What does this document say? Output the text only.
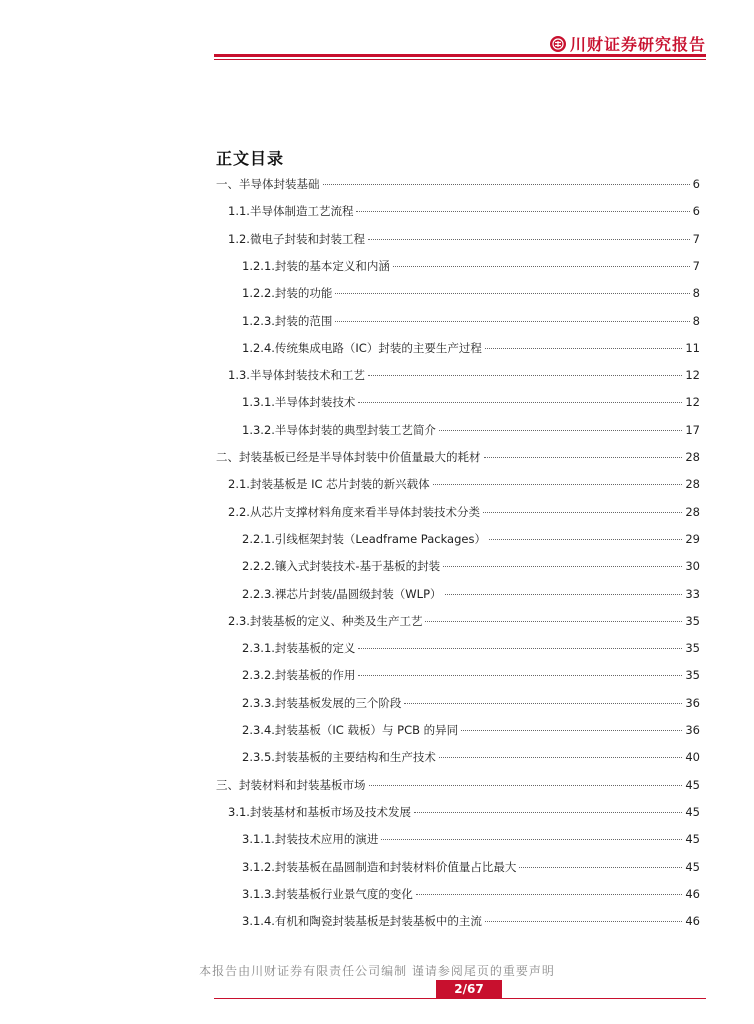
川财证券研究报告
正文目录
一、半导体封装基础	6
1.1.半导体制造工艺流程	6
1.2.微电子封装和封装工程	7
1.2.1.封装的基本定义和内涵	7
1.2.2.封装的功能	8
1.2.3.封装的范围	8
1.2.4.传统集成电路（IC）封装的主要生产过程	11
1.3.半导体封装技术和工艺	12
1.3.1.半导体封装技术	12
1.3.2.半导体封装的典型封装工艺简介	17
二、封装基板已经是半导体封装中价值量最大的耗材	28
2.1.封装基板是 IC 芯片封装的新兴载体	28
2.2.从芯片支撑材料角度来看半导体封装技术分类	28
2.2.1.引线框架封装（Leadframe Packages）	29
2.2.2.镶入式封装技术-基于基板的封装	30
2.2.3.裸芯片封装/晶圆级封装（WLP）	33
2.3.封装基板的定义、种类及生产工艺	35
2.3.1.封装基板的定义	35
2.3.2.封装基板的作用	35
2.3.3.封装基板发展的三个阶段	36
2.3.4.封装基板（IC 载板）与 PCB 的异同	36
2.3.5.封装基板的主要结构和生产技术	40
三、封装材料和封装基板市场	45
3.1.封装基材和基板市场及技术发展	45
3.1.1.封装技术应用的演进	45
3.1.2.封装基板在晶圆制造和封装材料价值量占比最大	45
3.1.3.封装基板行业景气度的变化	46
3.1.4.有机和陶瓷封装基板是封装基板中的主流	46
本报告由川财证券有限责任公司编制 谨请参阅尾页的重要声明
2/67
